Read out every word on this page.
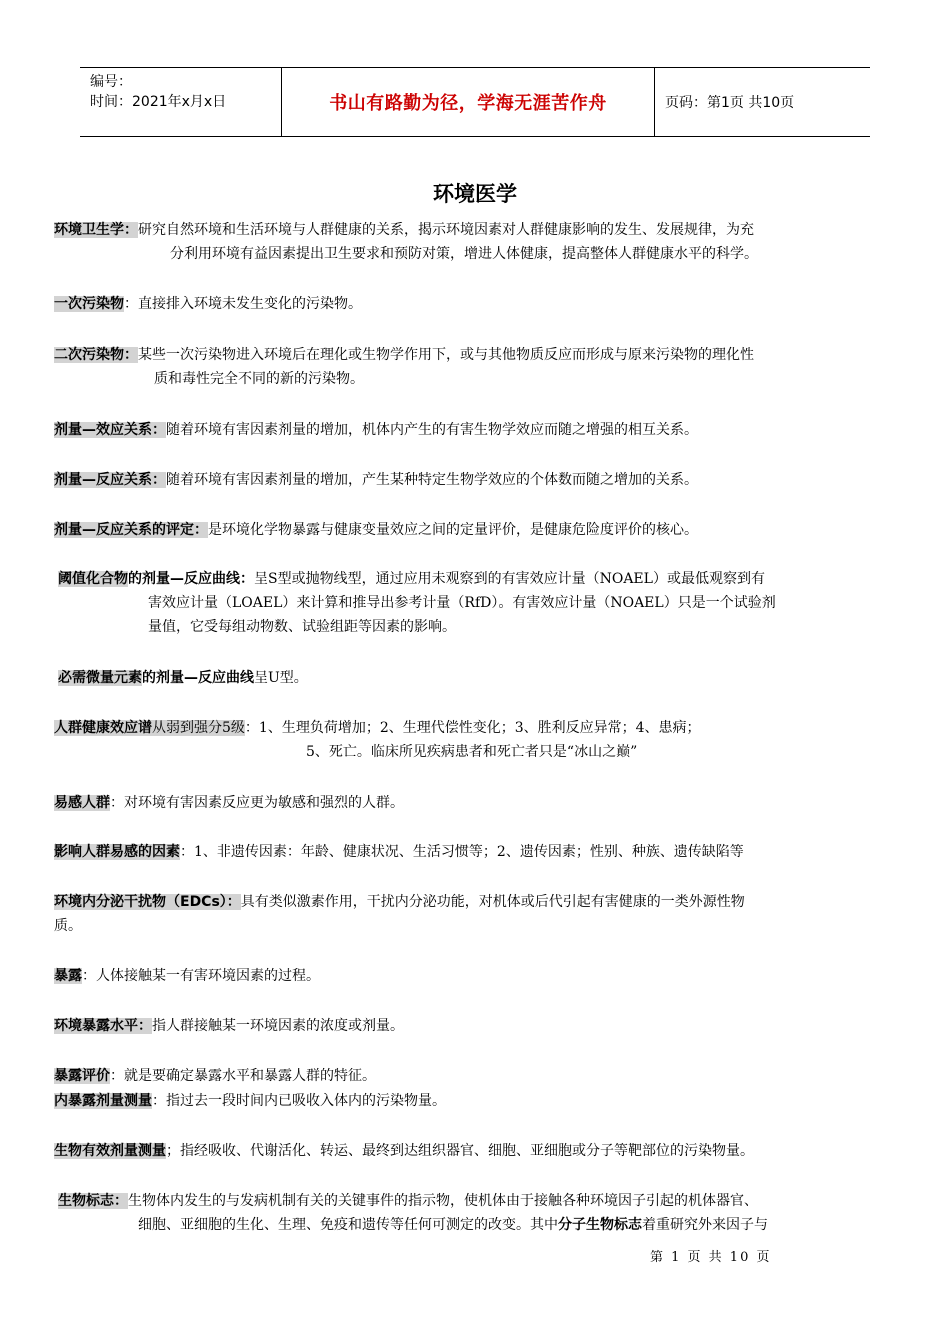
编号：
时间：2021年x月x日	书山有路勤为径，学海无涯苦作舟	页码：第1页 共10页
环境医学
环境卫生学：研究自然环境和生活环境与人群健康的关系，揭示环境因素对人群健康影响的发生、发展规律，为充
分利用环境有益因素提出卫生要求和预防对策，增进人体健康，提高整体人群健康水平的科学。
一次污染物：直接排入环境未发生变化的污染物。
二次污染物：某些一次污染物进入环境后在理化或生物学作用下，或与其他物质反应而形成与原来污染物的理化性
质和毒性完全不同的新的污染物。
剂量—效应关系：随着环境有害因素剂量的增加，机体内产生的有害生物学效应而随之增强的相互关系。
剂量—反应关系：随着环境有害因素剂量的增加，产生某种特定生物学效应的个体数而随之增加的关系。
剂量—反应关系的评定：是环境化学物暴露与健康变量效应之间的定量评价，是健康危险度评价的核心。
阈值化合物的剂量—反应曲线：呈S型或抛物线型，通过应用未观察到的有害效应计量（NOAEL）或最低观察到有
害效应计量（LOAEL）来计算和推导出参考计量（RfD）。有害效应计量（NOAEL）只是一个试验剂
量值，它受每组动物数、试验组距等因素的影响。
必需微量元素的剂量—反应曲线呈U型。
人群健康效应谱从弱到强分5级：1、生理负荷增加；2、生理代偿性变化；3、胜利反应异常；4、患病；
5、死亡。临床所见疾病患者和死亡者只是“冰山之巅”
易感人群：对环境有害因素反应更为敏感和强烈的人群。
影响人群易感的因素：1、非遗传因素：年龄、健康状况、生活习惯等；2、遗传因素；性别、种族、遗传缺陷等
环境内分泌干扰物（EDCs）：具有类似激素作用，干扰内分泌功能，对机体或后代引起有害健康的一类外源性物
质。
暴露：人体接触某一有害环境因素的过程。
环境暴露水平：指人群接触某一环境因素的浓度或剂量。
暴露评价：就是要确定暴露水平和暴露人群的特征。
内暴露剂量测量：指过去一段时间内已吸收入体内的污染物量。
生物有效剂量测量；指经吸收、代谢活化、转运、最终到达组织器官、细胞、亚细胞或分子等靶部位的污染物量。
生物标志：生物体内发生的与发病机制有关的关键事件的指示物，使机体由于接触各种环境因子引起的机体器官、
细胞、亚细胞的生化、生理、免疫和遗传等任何可测定的改变。其中分子生物标志着重研究外来因子与
第 1 页 共 10 页
